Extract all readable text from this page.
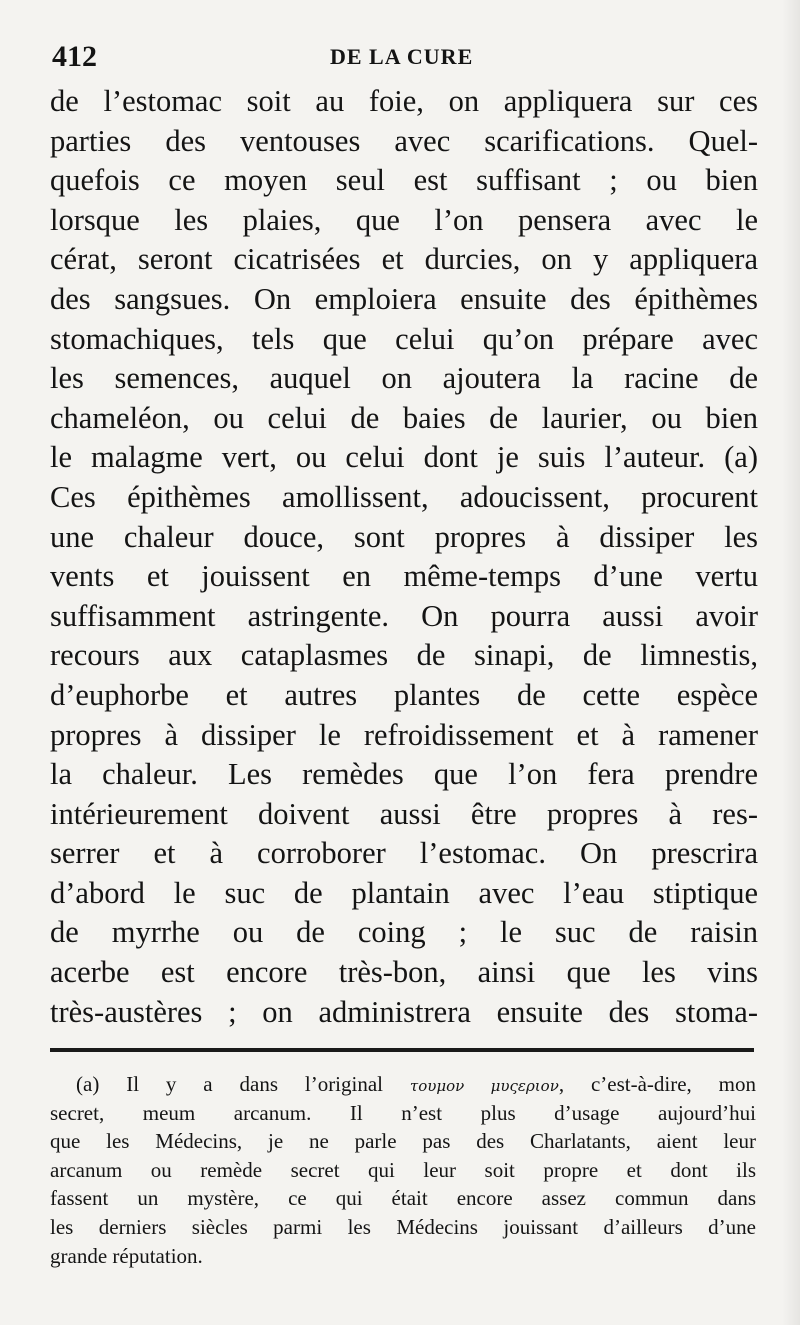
412	DE LA CURE
de l’estomac soit au foie, on appliquera sur ces
parties des ventouses avec scarifications. Quel-
quefois ce moyen seul est suffisant ; ou bien
lorsque les plaies, que l’on pensera avec le
cérat, seront cicatrisées et durcies, on y appliquera
des sangsues. On emploiera ensuite des épithèmes
stomachiques, tels que celui qu’on prépare avec
les semences, auquel on ajoutera la racine de
chameléon, ou celui de baies de laurier, ou bien
le malagme vert, ou celui dont je suis l’auteur. (a)
Ces épithèmes amollissent, adoucissent, procurent
une chaleur douce, sont propres à dissiper les
vents et jouissent en même-temps d’une vertu
suffisamment astringente. On pourra aussi avoir
recours aux cataplasmes de sinapi, de limnestis,
d’euphorbe et autres plantes de cette espèce
propres à dissiper le refroidissement et à ramener
la chaleur. Les remèdes que l’on fera prendre
intérieurement doivent aussi être propres à res-
serrer et à corroborer l’estomac. On prescrira
d’abord le suc de plantain avec l’eau stiptique
de myrrhe ou de coing ; le suc de raisin
acerbe est encore très-bon, ainsi que les vins
très-austères ; on administrera ensuite des stoma-
(a) Il y a dans l’original τουμον μυςεριον, c’est-à-dire, mon
secret, meum arcanum. Il n’est plus d’usage aujourd’hui
que les Médecins, je ne parle pas des Charlatants, aient leur
arcanum ou remède secret qui leur soit propre et dont ils
fassent un mystère, ce qui était encore assez commun dans
les derniers siècles parmi les Médecins jouissant d’ailleurs d’une
grande réputation.
